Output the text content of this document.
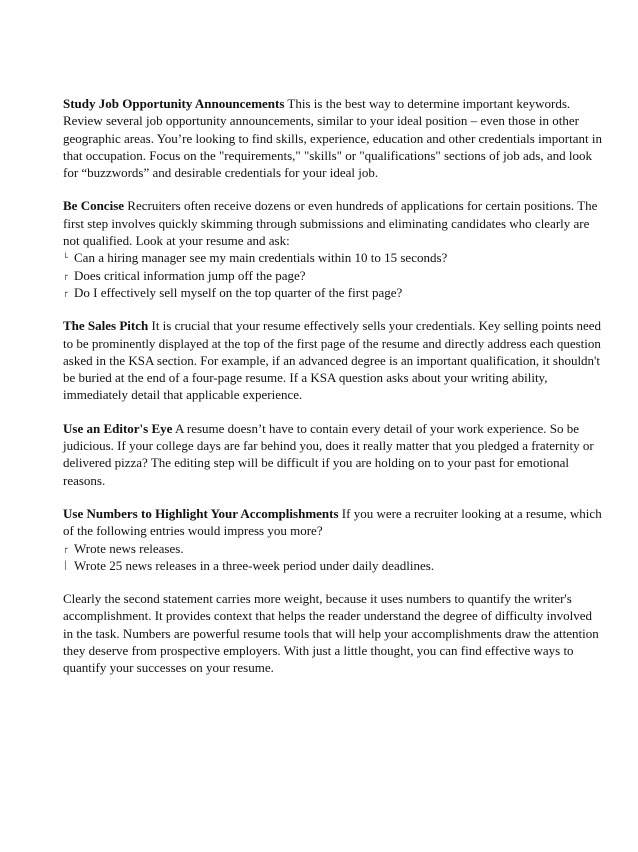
Study Job Opportunity Announcements This is the best way to determine important keywords. Review several job opportunity announcements, similar to your ideal position – even those in other geographic areas. You’re looking to find skills, experience, education and other credentials important in that occupation. Focus on the "requirements," "skills" or "qualifications" sections of job ads, and look for “buzzwords” and desirable credentials for your ideal job.

Be Concise Recruiters often receive dozens or even hundreds of applications for certain positions. The first step involves quickly skimming through submissions and eliminating candidates who clearly are not qualified. Look at your resume and ask:

└ Can a hiring manager see my main credentials within 10 to 15 seconds?
┌ Does critical information jump off the page?
┌ Do I effectively sell myself on the top quarter of the first page?

The Sales Pitch It is crucial that your resume effectively sells your credentials. Key selling points need to be prominently displayed at the top of the first page of the resume and directly address each question asked in the KSA section. For example, if an advanced degree is an important qualification, it shouldn't be buried at the end of a four-page resume. If a KSA question asks about your writing ability, immediately detail that applicable experience.

Use an Editor's Eye A resume doesn’t have to contain every detail of your work experience. So be judicious. If your college days are far behind you, does it really matter that you pledged a fraternity or delivered pizza? The editing step will be difficult if you are holding on to your past for emotional reasons.

Use Numbers to Highlight Your Accomplishments If you were a recruiter looking at a resume, which of the following entries would impress you more?

┌ Wrote news releases.
│ Wrote 25 news releases in a three-week period under daily deadlines.

Clearly the second statement carries more weight, because it uses numbers to quantify the writer's accomplishment. It provides context that helps the reader understand the degree of difficulty involved in the task. Numbers are powerful resume tools that will help your accomplishments draw the attention they deserve from prospective employers. With just a little thought, you can find effective ways to quantify your successes on your resume.
